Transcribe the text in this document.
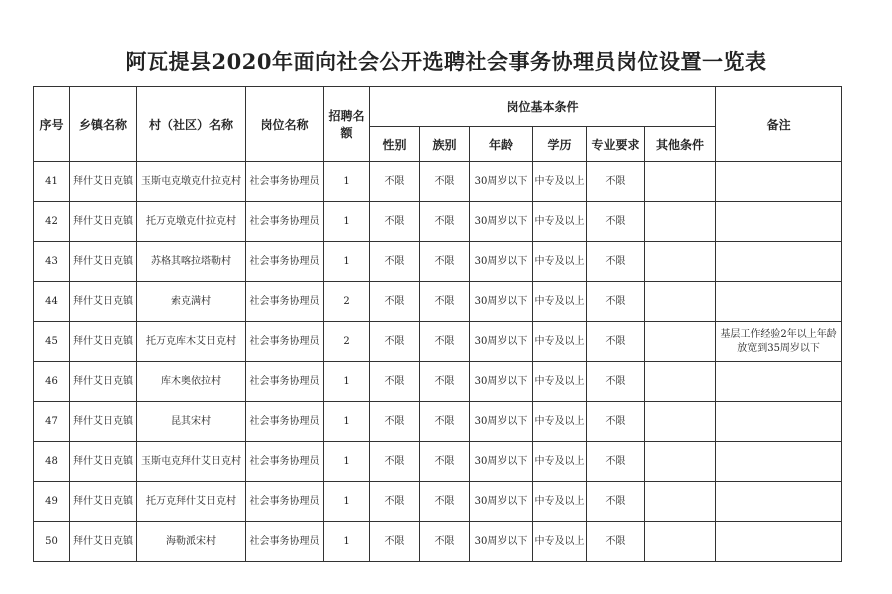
阿瓦提县2020年面向社会公开选聘社会事务协理员岗位设置一览表
序号	乡镇名称	村（社区）名称	岗位名称	招聘名额	岗位基本条件						备注
					性别	族别	年龄	学历	专业要求	其他条件	
41	拜什艾日克镇	玉斯屯克墩克什拉克村	社会事务协理员	1	不限	不限	30周岁以下	中专及以上	不限		
42	拜什艾日克镇	托万克墩克什拉克村	社会事务协理员	1	不限	不限	30周岁以下	中专及以上	不限		
43	拜什艾日克镇	苏格其喀拉塔勒村	社会事务协理员	1	不限	不限	30周岁以下	中专及以上	不限		
44	拜什艾日克镇	索克满村	社会事务协理员	2	不限	不限	30周岁以下	中专及以上	不限		
45	拜什艾日克镇	托万克库木艾日克村	社会事务协理员	2	不限	不限	30周岁以下	中专及以上	不限		基层工作经验2年以上年龄放宽到35周岁以下
46	拜什艾日克镇	库木奥依拉村	社会事务协理员	1	不限	不限	30周岁以下	中专及以上	不限		
47	拜什艾日克镇	昆其宋村	社会事务协理员	1	不限	不限	30周岁以下	中专及以上	不限		
48	拜什艾日克镇	玉斯屯克拜什艾日克村	社会事务协理员	1	不限	不限	30周岁以下	中专及以上	不限		
49	拜什艾日克镇	托万克拜什艾日克村	社会事务协理员	1	不限	不限	30周岁以下	中专及以上	不限		
50	拜什艾日克镇	海勒派宋村	社会事务协理员	1	不限	不限	30周岁以下	中专及以上	不限		
